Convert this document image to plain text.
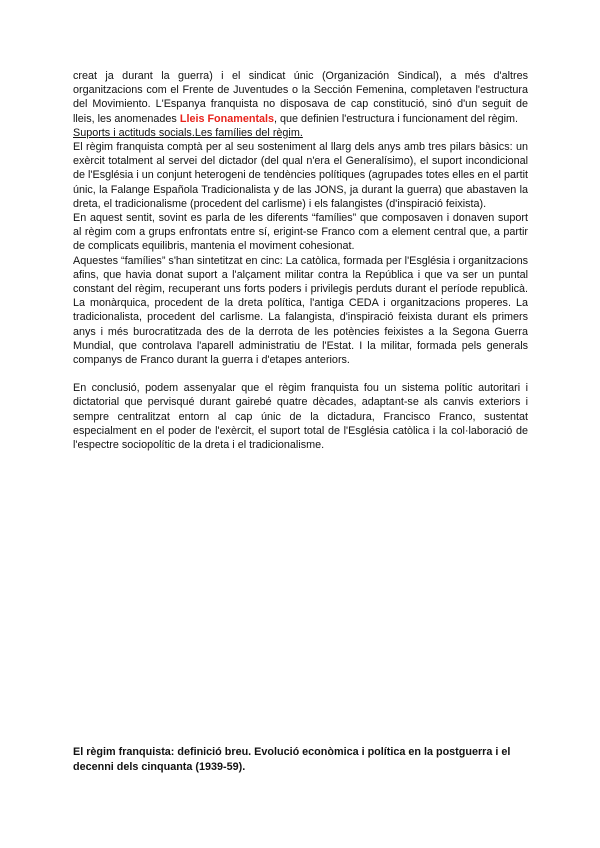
creat ja durant la guerra) i el sindicat únic (Organización Sindical), a més d'altres organitzacions com el Frente de Juventudes o la Sección Femenina, completaven l'estructura del Movimiento. L'Espanya franquista no disposava de cap constitució, sinó d'un seguit de lleis, les anomenades Lleis Fonamentals, que definien l'estructura i funcionament del règim.

Suports i actituds socials.Les famílies del règim.

El règim franquista comptà per al seu sosteniment al llarg dels anys amb tres pilars bàsics: un exèrcit totalment al servei del dictador (del qual n'era el Generalísimo), el suport incondicional de l'Església i un conjunt heterogeni de tendències polítiques (agrupades totes elles en el partit únic, la Falange Española Tradicionalista y de las JONS, ja durant la guerra) que abastaven la dreta, el tradicionalisme (procedent del carlisme) i els falangistes (d'inspiració feixista).

En aquest sentit, sovint es parla de les diferents “famílies” que composaven i donaven suport al règim com a grups enfrontats entre sí, erigint-se Franco com a element central que, a partir de complicats equilibris, mantenia el moviment cohesionat.

Aquestes “famílies” s'han sintetitzat en cinc: La catòlica, formada per l'Església i organitzacions afins, que havia donat suport a l'alçament militar contra la República i que va ser un puntal constant del règim, recuperant uns forts poders i privilegis perduts durant el període republicà. La monàrquica, procedent de la dreta política, l'antiga CEDA i organitzacions properes. La tradicionalista, procedent del carlisme. La falangista, d'inspiració feixista durant els primers anys i més burocratitzada des de la derrota de les potències feixistes a la Segona Guerra Mundial, que controlava l'aparell administratiu de l'Estat. I la militar, formada pels generals companys de Franco durant la guerra i d'etapes anteriors.

En conclusió, podem assenyalar que el règim franquista fou un sistema polític autoritari i dictatorial que pervisqué durant gairebé quatre dècades, adaptant-se als canvis exteriors i sempre centralitzat entorn al cap únic de la dictadura, Francisco Franco, sustentat especialment en el poder de l'exèrcit, el suport total de l'Església catòlica i la col·laboració de l'espectre sociopolític de la dreta i el tradicionalisme.

El règim franquista: definició breu. Evolució econòmica i política en la postguerra i el decenni dels cinquanta (1939-59).
